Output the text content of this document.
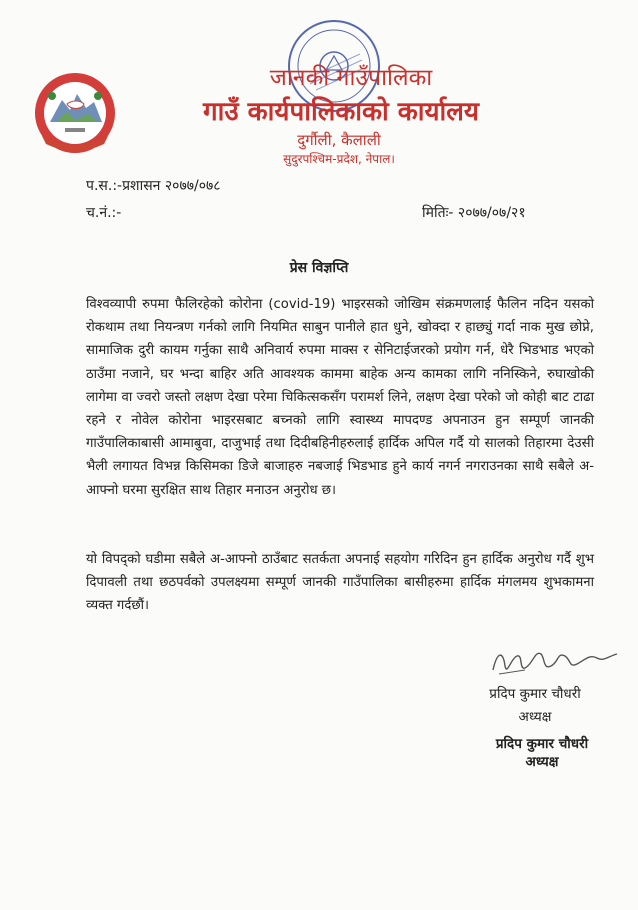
जानकी गाउँपालिका
गाउँ कार्यपालिकाको कार्यालय
दुर्गौली, कैलाली
सुदुरपश्चिम-प्रदेश, नेपाल।
प.स.:-प्रशासन २०७७/०७८
च.नं.:-	मितिः- २०७७/०७/२१
प्रेस विज्ञप्ति

विश्वव्यापी रुपमा फैलिरहेको कोरोना (covid-19) भाइरसको जोखिम संक्रमणलाई फैलिन नदिन यसको रोकथाम तथा नियन्त्रण गर्नको लागि नियमित साबुन पानीले हात धुने, खोक्दा र हाछ्युं गर्दा नाक मुख छोप्ने, सामाजिक दुरी कायम गर्नुका साथै अनिवार्य रुपमा माक्स र सेनिटाईजरको प्रयोग गर्न, धेरै भिडभाड भएको ठाउँमा नजाने, घर भन्दा बाहिर अति आवश्यक काममा बाहेक अन्य कामका लागि ननिस्किने, रुघाखोकी लागेमा वा ज्वरो जस्तो लक्षण देखा परेमा चिकित्सकसँग परामर्श लिने, लक्षण देखा परेको जो कोही बाट टाढा रहने र नोवेल कोरोना भाइरसबाट बच्नको लागि स्वास्थ्य मापदण्ड अपनाउन हुन सम्पूर्ण जानकी गाउँपालिकाबासी आमाबुवा, दाजुभाई तथा दिदीबहिनीहरुलाई हार्दिक अपिल गर्दै यो सालको तिहारमा देउसी भैली लगायत विभन्न किसिमका डिजे बाजाहरु नबजाई भिडभाड हुने कार्य नगर्न नगराउनका साथै सबैले अ-आफ्नो घरमा सुरक्षित साथ तिहार मनाउन अनुरोध छ।

यो विपद्को घडीमा सबैले अ-आफ्नो ठाउँबाट सतर्कता अपनाई सहयोग गरिदिन हुन हार्दिक अनुरोध गर्दै शुभ दिपावली तथा छठपर्वको उपलक्ष्यमा सम्पूर्ण जानकी गाउँपालिका बासीहरुमा हार्दिक मंगलमय शुभकामना व्यक्त गर्दछौं।

प्रदिप कुमार चौधरी
अध्यक्ष
प्रदिप कुमार चौधरी
अध्यक्ष
